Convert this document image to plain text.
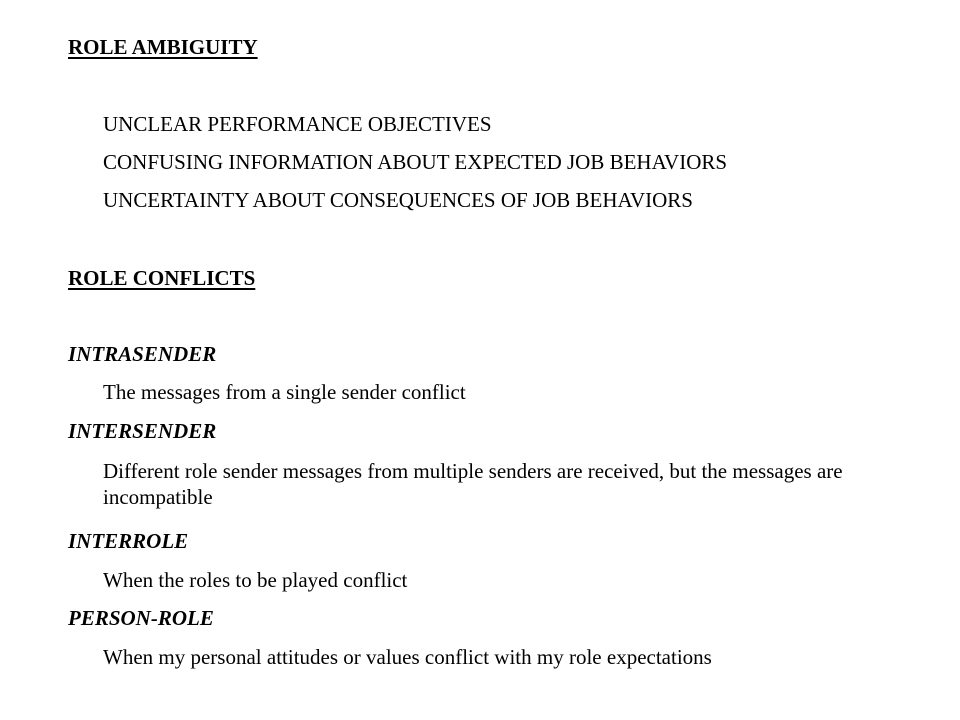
ROLE AMBIGUITY
UNCLEAR PERFORMANCE OBJECTIVES
CONFUSING INFORMATION ABOUT EXPECTED JOB BEHAVIORS
UNCERTAINTY ABOUT CONSEQUENCES OF JOB BEHAVIORS
ROLE CONFLICTS
INTRASENDER
The messages from a single sender conflict
INTERSENDER
Different role sender messages from multiple senders are received, but the messages are incompatible
INTERROLE
When the roles to be played conflict
PERSON-ROLE
When my personal attitudes or values conflict with my role expectations
